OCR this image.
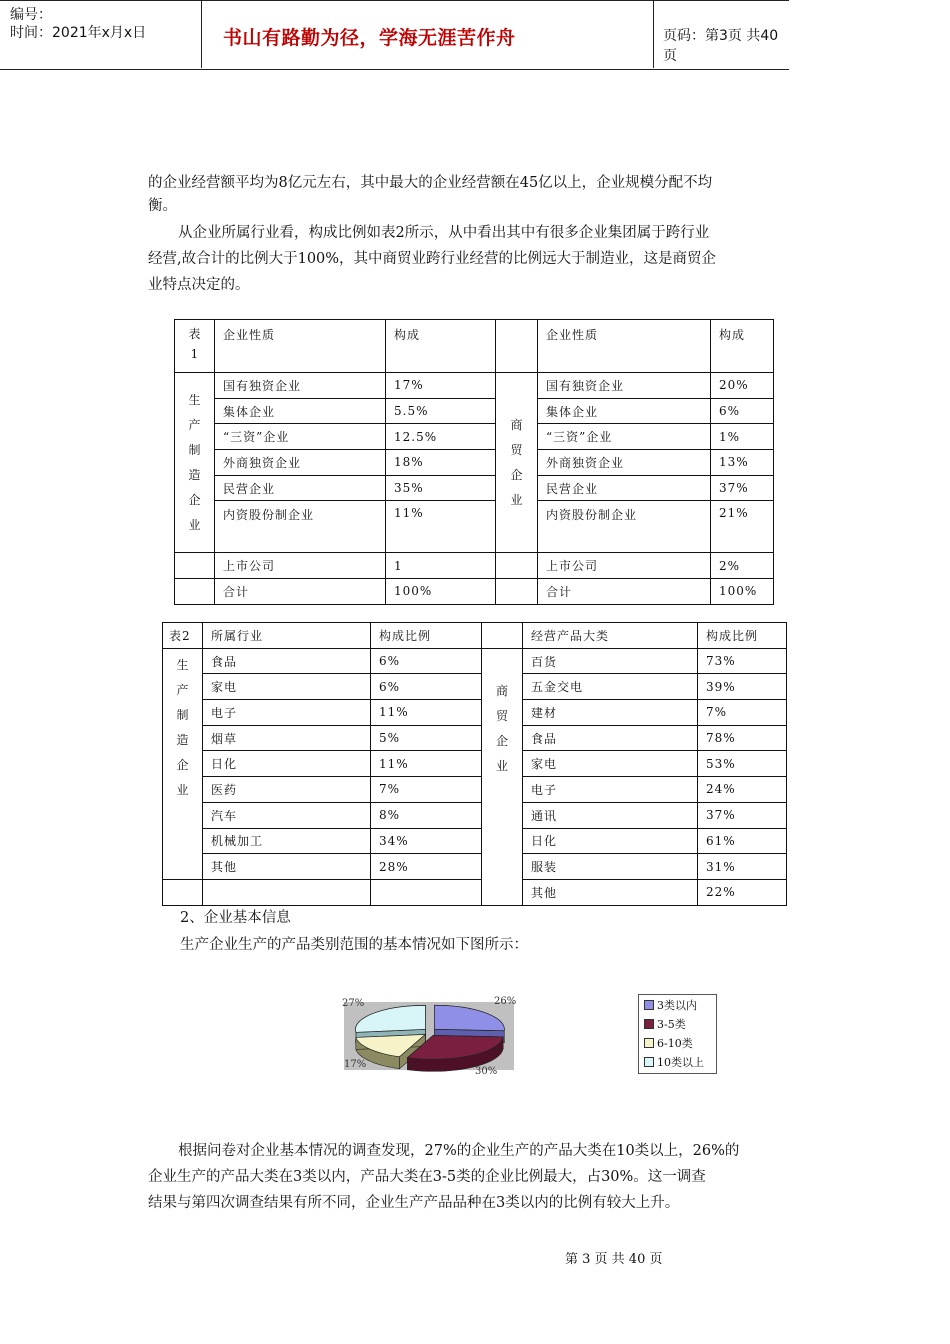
编号：
时间：2021年x月x日	书山有路勤为径，学海无涯苦作舟	页码：第3页 共40页
的企业经营额平均为8亿元左右，其中最大的企业经营额在45亿以上，企业规模分配不均
衡。
从企业所属行业看，构成比例如表2所示，从中看出其中有很多企业集团属于跨行业
经营,故合计的比例大于100%，其中商贸业跨行业经营的比例远大于制造业，这是商贸企
业特点决定的。
表1	企业性质	构成		企业性质	构成
生产制造企业	国有独资企业	17%	商贸企业	国有独资企业	20%
	集体企业	5.5%		集体企业	6%
	“三资”企业	12.5%		“三资”企业	1%
	外商独资企业	18%		外商独资企业	13%
	民营企业	35%		民营企业	37%
	内资股份制企业	11%		内资股份制企业	21%
	上市公司	1		上市公司	2%
	合计	100%		合计	100%
表2	所属行业	构成比例		经营产品大类	构成比例
生产制造企业	食品	6%	商贸企业	百货	73%
	家电	6%		五金交电	39%
	电子	11%		建材	7%
	烟草	5%		食品	78%
	日化	11%		家电	53%
	医药	7%		电子	24%
	汽车	8%		通讯	37%
	机械加工	34%		日化	61%
	其他	28%		服装	31%
				其他	22%
2、企业基本信息
生产企业生产的产品类别范围的基本情况如下图所示：
26%
30%
17%
27%	3类以内
3-5类
6-10类
10类以上
根据问卷对企业基本情况的调查发现，27%的企业生产的产品大类在10类以上，26%的
企业生产的产品大类在3类以内，产品大类在3-5类的企业比例最大，占30%。这一调查
结果与第四次调查结果有所不同，企业生产产品品种在3类以内的比例有较大上升。
第 3 页 共 40 页
